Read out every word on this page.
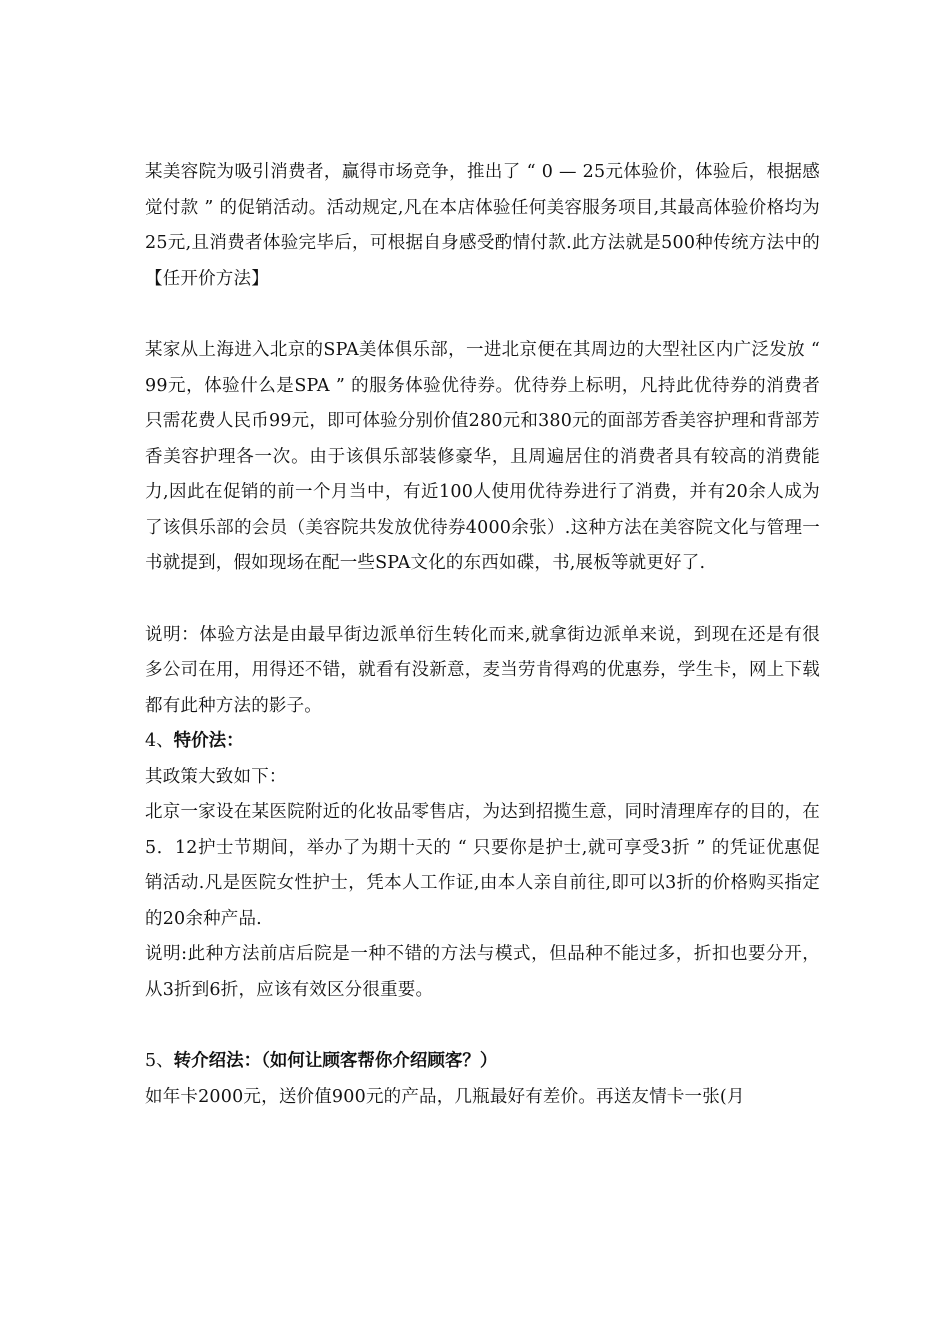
某美容院为吸引消费者，赢得市场竞争，推出了 “ 0 — 25元体验价，体验后，根据感觉付款 ” 的促销活动。活动规定,凡在本店体验任何美容服务项目,其最高体验价格均为25元,且消费者体验完毕后，可根据自身感受酌情付款.此方法就是500种传统方法中的【任开价方法】

某家从上海进入北京的SPA美体俱乐部，一进北京便在其周边的大型社区内广泛发放 “ 99元，体验什么是SPA ” 的服务体验优待券。优待券上标明，凡持此优待券的消费者只需花费人民币99元，即可体验分别价值280元和380元的面部芳香美容护理和背部芳香美容护理各一次。由于该俱乐部装修豪华，且周遍居住的消费者具有较高的消费能力,因此在促销的前一个月当中，有近100人使用优待券进行了消费，并有20余人成为了该俱乐部的会员（美容院共发放优待券4000余张）.这种方法在美容院文化与管理一书就提到，假如现场在配一些SPA文化的东西如碟，书,展板等就更好了.

说明：体验方法是由最早街边派单衍生转化而来,就拿街边派单来说，到现在还是有很多公司在用，用得还不错，就看有没新意，麦当劳肯得鸡的优惠券，学生卡，网上下载都有此种方法的影子。

4、特价法：

其政策大致如下：

北京一家设在某医院附近的化妆品零售店，为达到招揽生意，同时清理库存的目的，在5．12护士节期间，举办了为期十天的 “ 只要你是护士,就可享受3折 ” 的凭证优惠促销活动.凡是医院女性护士，凭本人工作证,由本人亲自前往,即可以3折的价格购买指定的20余种产品.

说明:此种方法前店后院是一种不错的方法与模式，但品种不能过多，折扣也要分开，从3折到6折，应该有效区分很重要。

5、转介绍法：（如何让顾客帮你介绍顾客？）

如年卡2000元，送价值900元的产品，几瓶最好有差价。再送友情卡一张(月
